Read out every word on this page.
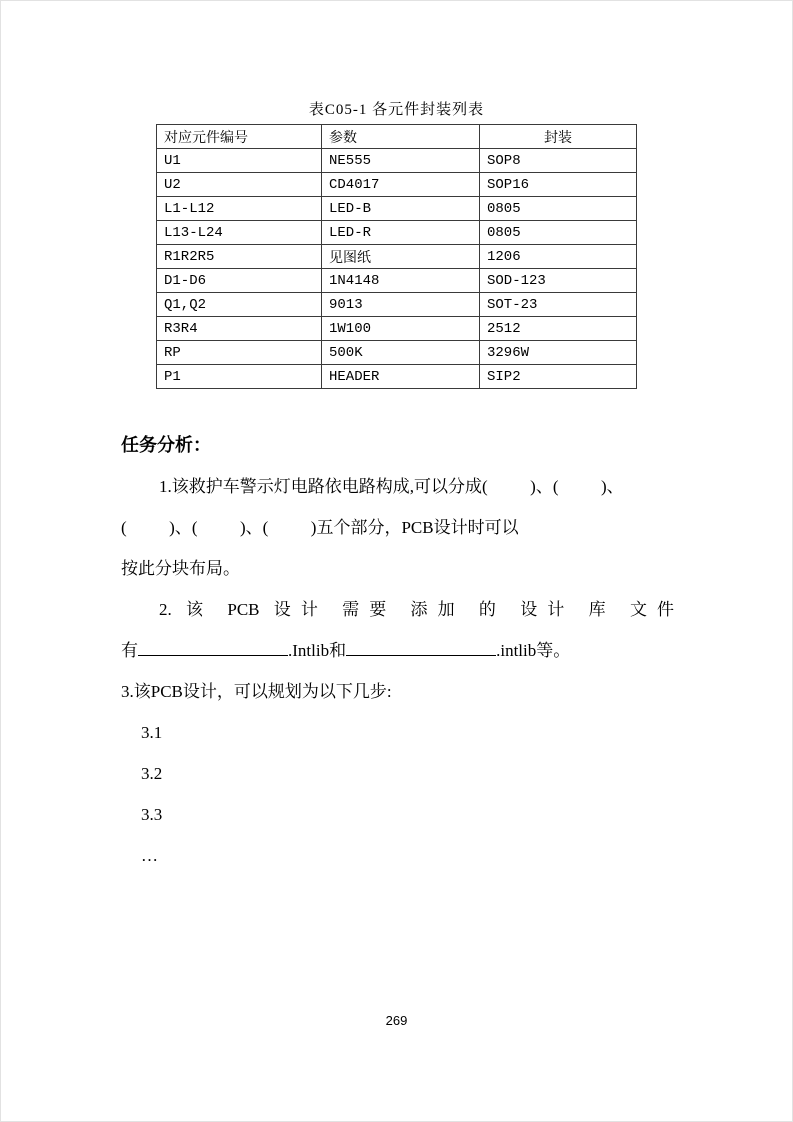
表C05-1 各元件封装列表
对应元件编号	参数	封装
U1	NE555	SOP8
U2	CD4017	SOP16
L1-L12	LED-B	0805
L13-L24	LED-R	0805
R1R2R5	见图纸	1206
D1-D6	1N4148	SOD-123
Q1,Q2	9013	SOT-23
R3R4	1W100	2512
RP	500K	3296W
P1	HEADER	SIP2

任务分析：

1.该救护车警示灯电路依电路构成,可以分成(          )、(          )、

(          )、(          )、(          )五个部分，PCB设计时可以

按此分块布局。

2. 该 PCB 设计 需要 添加 的 设计 库 文件

有	.Intlib和	.intlib等。

3.该PCB设计，可以规划为以下几步:

3.1

3.2

3.3

…

269
